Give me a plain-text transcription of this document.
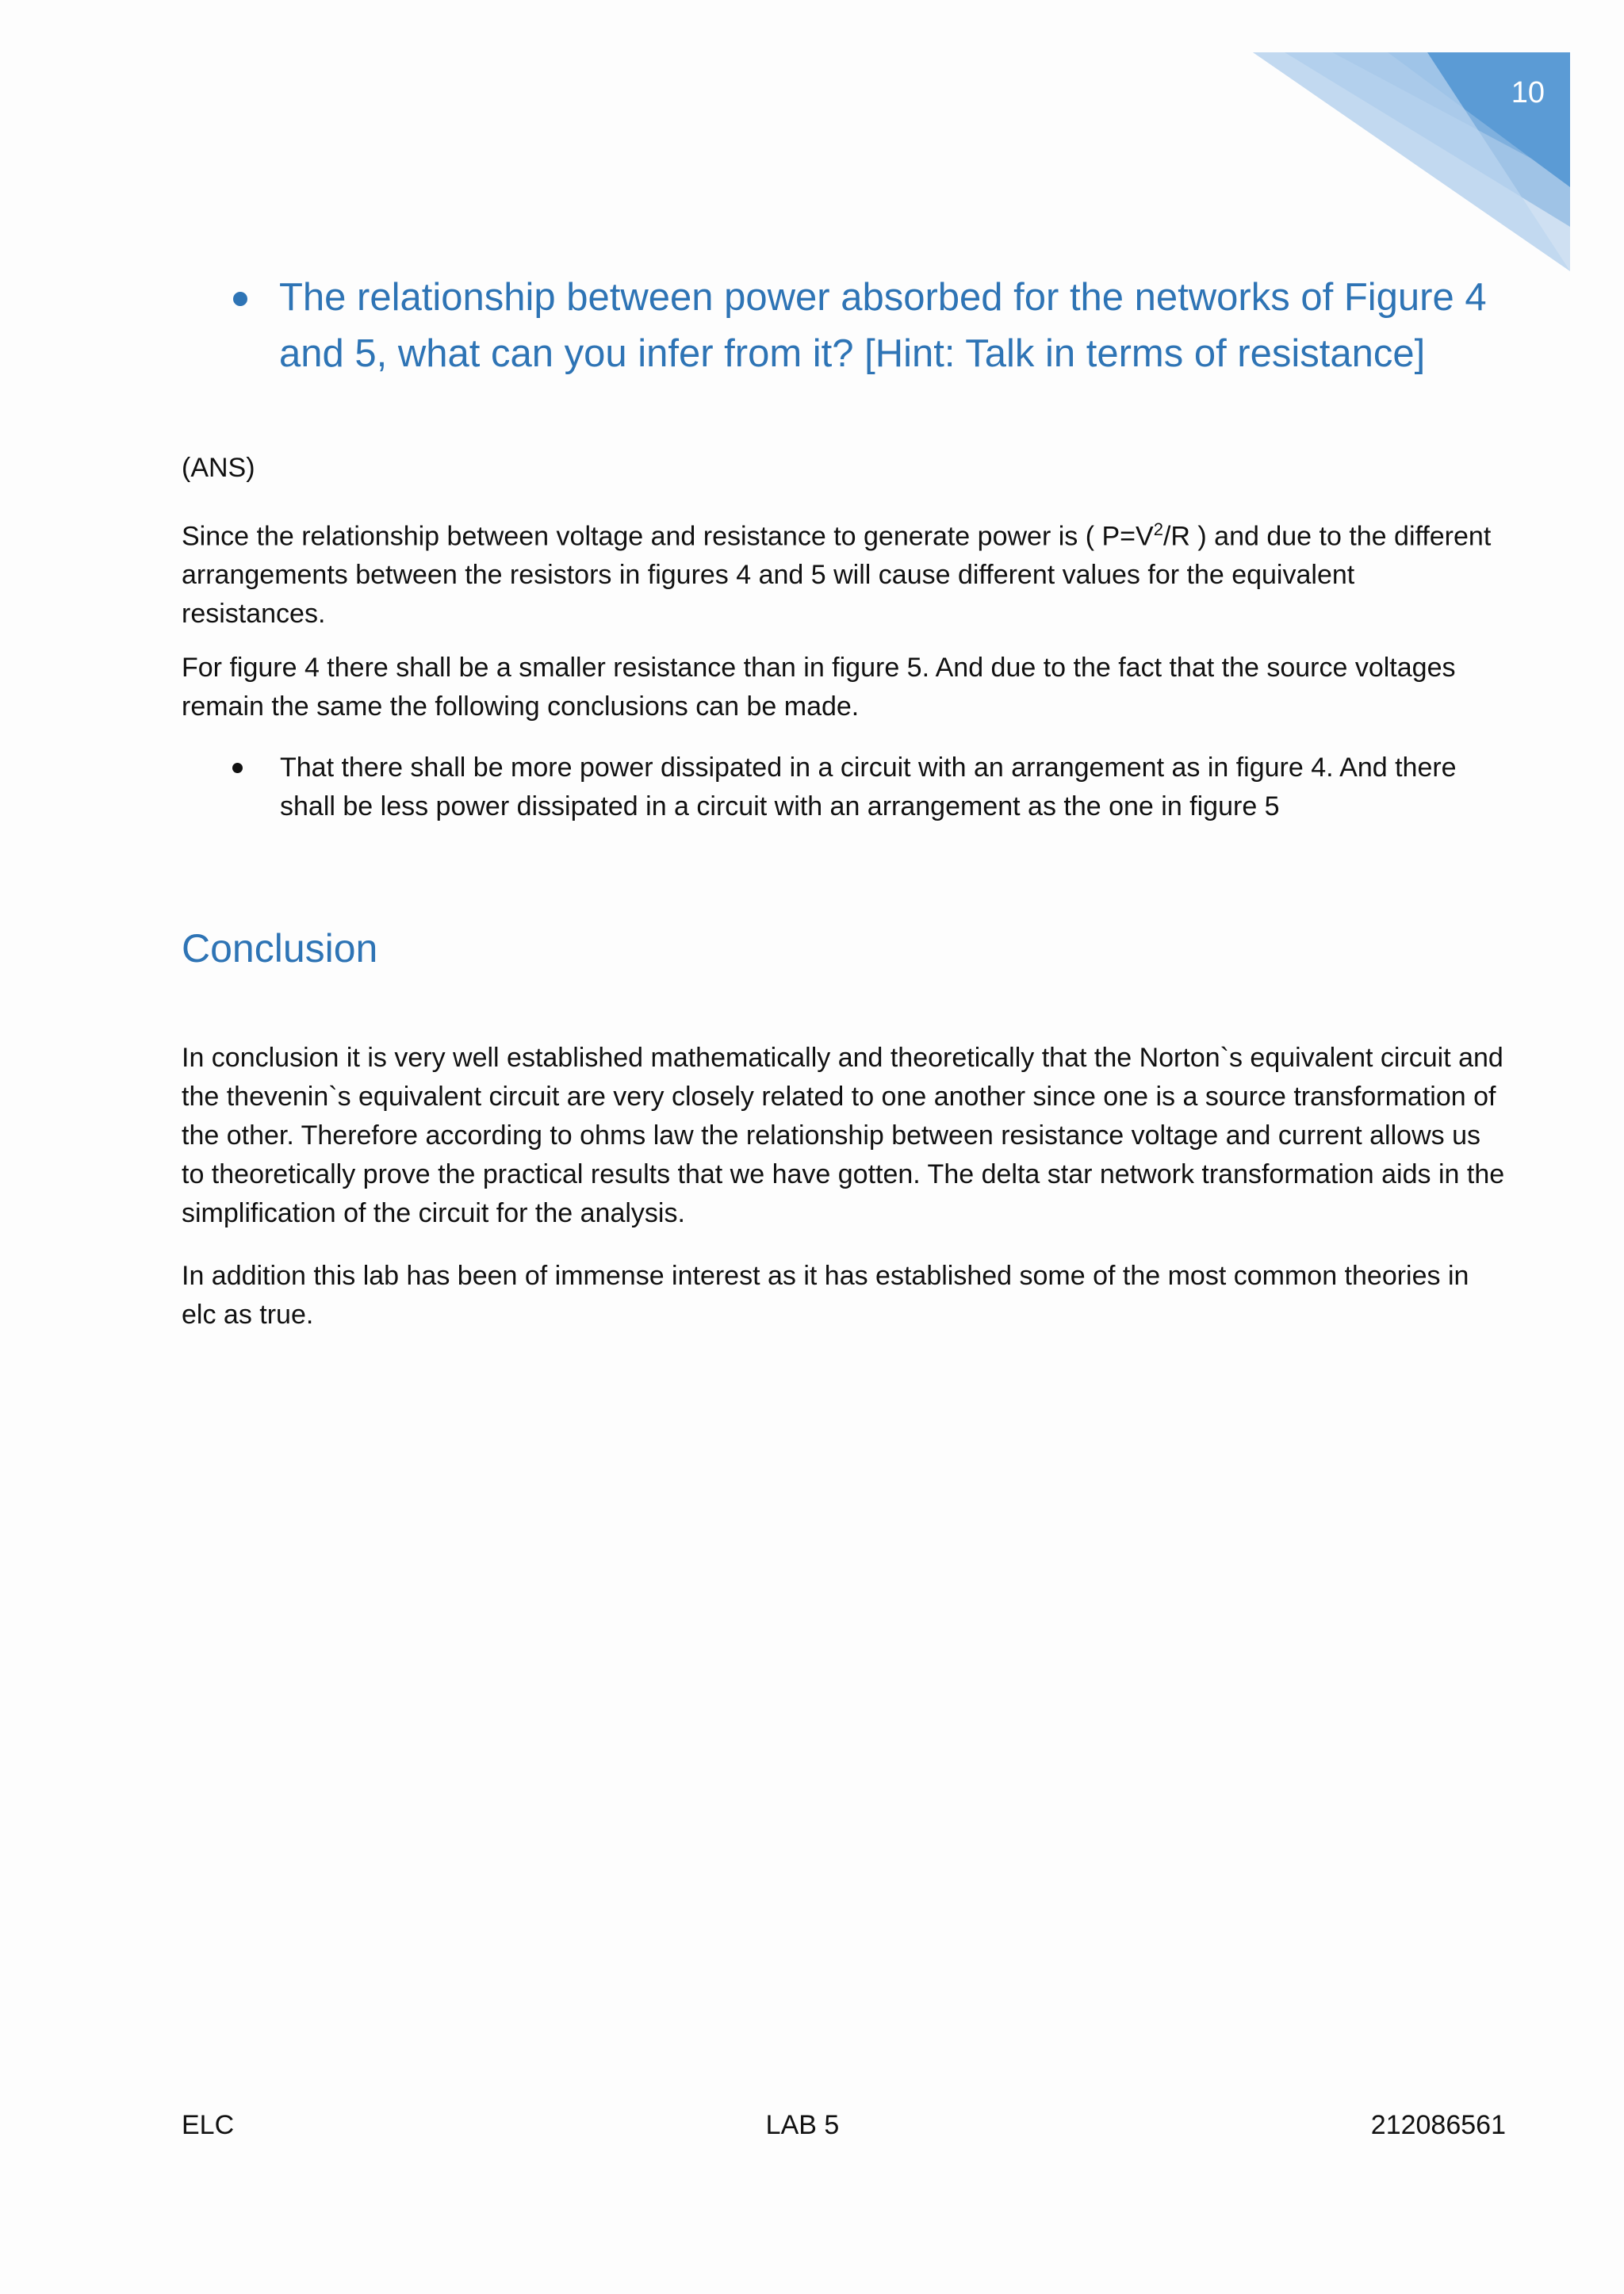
10
The relationship between power absorbed for the networks of Figure 4 and 5, what can you infer from it? [Hint: Talk in terms of resistance]
(ANS)

Since the relationship between voltage and resistance to generate power is ( $P=V^2/R$ ) and due to the different arrangements between the resistors in figures 4 and 5 will cause different values for the equivalent resistances.

For figure 4 there shall be a smaller resistance than in figure 5. And due to the fact that the source voltages remain the same the following conclusions can be made.

That there shall be more power dissipated in a circuit with an arrangement as in figure 4. And there shall be less power dissipated in a circuit with an arrangement as the one in figure 5
Conclusion

In conclusion it is very well established mathematically and theoretically that the Norton`s equivalent circuit and the thevenin`s equivalent circuit are very closely related to one another since one is a source transformation of the other. Therefore according to ohms law the relationship between resistance voltage and current allows us to theoretically prove the practical results that we have gotten. The delta star network transformation aids in the simplification of the circuit for the analysis.

In addition this lab has been of immense interest as it has established some of the most common theories in elc as true.

ELC	LAB 5	212086561
